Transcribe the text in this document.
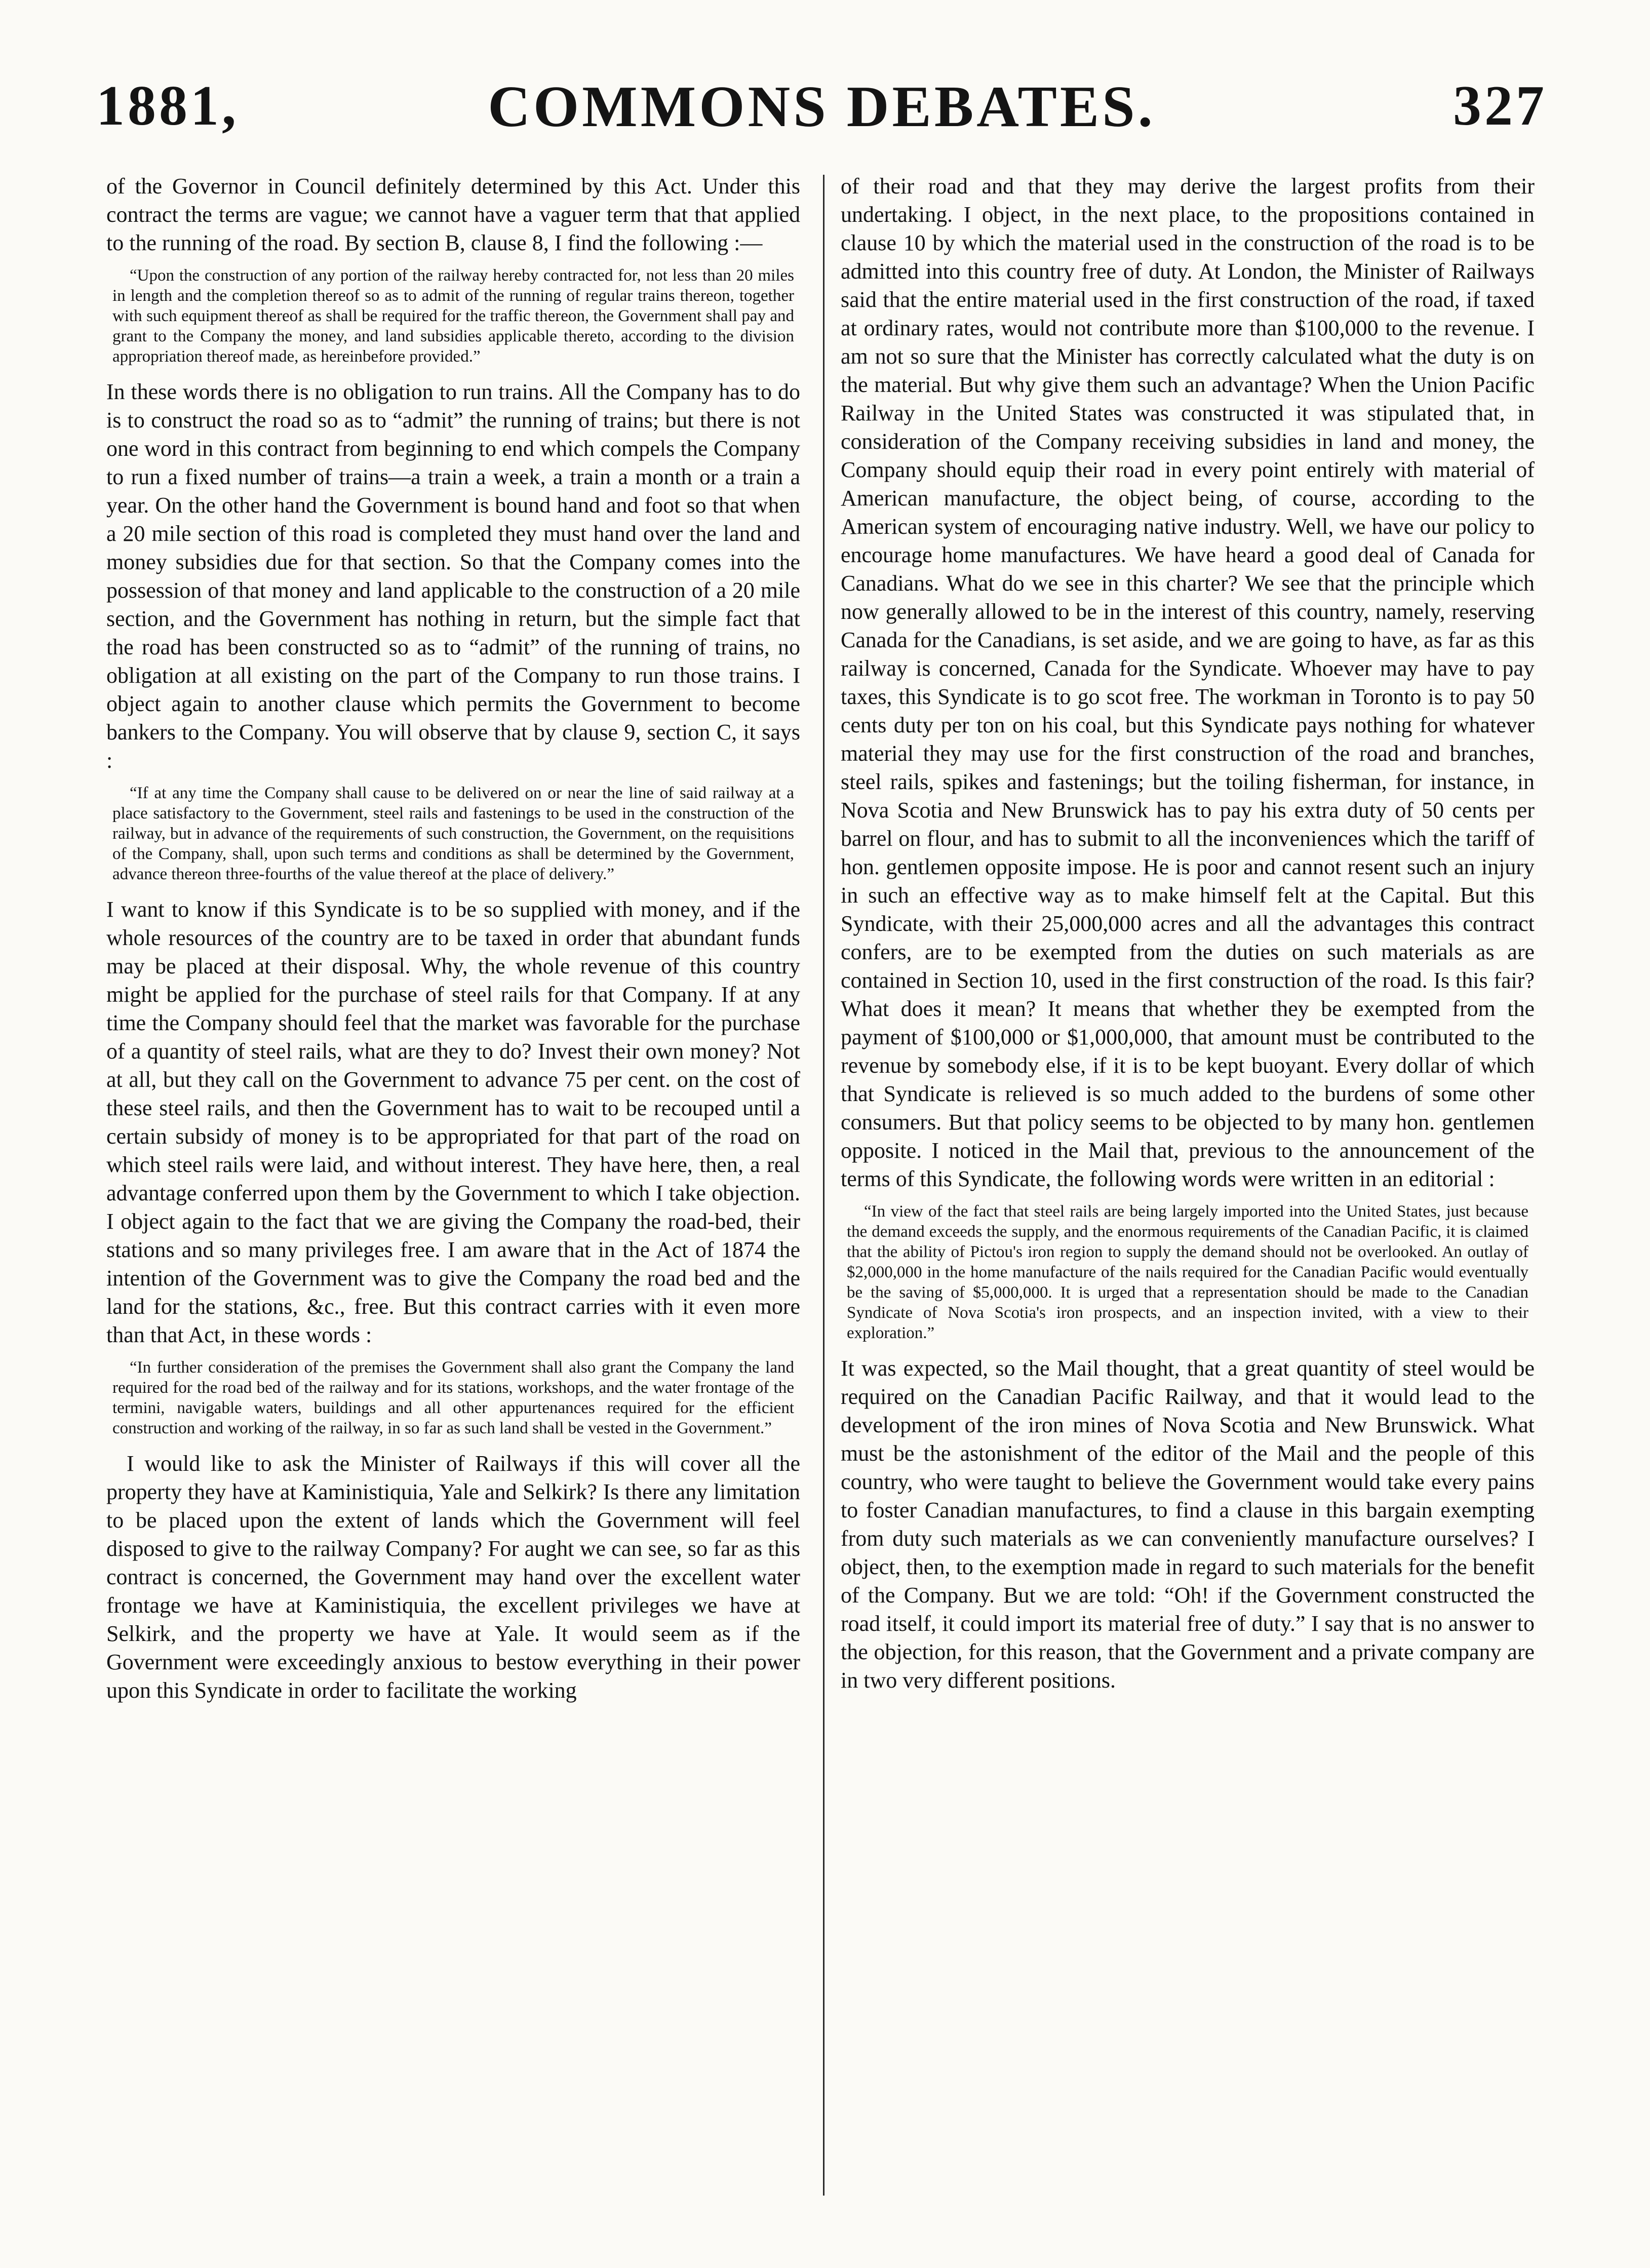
1881,	COMMONS DEBATES.	327

of the Governor in Council definitely determined by this Act. Under this contract the terms are vague; we cannot have a vaguer term that that applied to the running of the road. By section B, clause 8, I find the following :—

“Upon the construction of any portion of the railway hereby contracted for, not less than 20 miles in length and the completion thereof so as to admit of the running of regular trains thereon, together with such equipment thereof as shall be required for the traffic thereon, the Government shall pay and grant to the Company the money, and land subsidies applicable thereto, according to the division appropriation thereof made, as hereinbefore provided.”

In these words there is no obligation to run trains. All the Company has to do is to construct the road so as to “admit” the running of trains; but there is not one word in this contract from beginning to end which compels the Company to run a fixed number of trains—a train a week, a train a month or a train a year. On the other hand the Government is bound hand and foot so that when a 20 mile section of this road is completed they must hand over the land and money subsidies due for that section. So that the Company comes into the possession of that money and land applicable to the construction of a 20 mile section, and the Government has nothing in return, but the simple fact that the road has been constructed so as to “admit” of the running of trains, no obligation at all existing on the part of the Company to run those trains. I object again to another clause which permits the Government to become bankers to the Company. You will observe that by clause 9, section C, it says :

“If at any time the Company shall cause to be delivered on or near the line of said railway at a place satisfactory to the Government, steel rails and fastenings to be used in the construction of the railway, but in advance of the requirements of such construction, the Government, on the requisitions of the Company, shall, upon such terms and conditions as shall be determined by the Government, advance thereon three-fourths of the value thereof at the place of delivery.”

I want to know if this Syndicate is to be so supplied with money, and if the whole resources of the country are to be taxed in order that abundant funds may be placed at their disposal. Why, the whole revenue of this country might be applied for the purchase of steel rails for that Company. If at any time the Company should feel that the market was favorable for the purchase of a quantity of steel rails, what are they to do? Invest their own money? Not at all, but they call on the Government to advance 75 per cent. on the cost of these steel rails, and then the Government has to wait to be recouped until a certain subsidy of money is to be appropriated for that part of the road on which steel rails were laid, and without interest. They have here, then, a real advantage conferred upon them by the Government to which I take objection. I object again to the fact that we are giving the Company the road-bed, their stations and so many privileges free. I am aware that in the Act of 1874 the intention of the Government was to give the Company the road bed and the land for the stations, &c., free. But this contract carries with it even more than that Act, in these words :

“In further consideration of the premises the Government shall also grant the Company the land required for the road bed of the railway and for its stations, workshops, and the water frontage of the termini, navigable waters, buildings and all other appurtenances required for the efficient construction and working of the railway, in so far as such land shall be vested in the Government.”

I would like to ask the Minister of Railways if this will cover all the property they have at Kaministiquia, Yale and Selkirk? Is there any limitation to be placed upon the extent of lands which the Government will feel disposed to give to the railway Company? For aught we can see, so far as this contract is concerned, the Government may hand over the excellent water frontage we have at Kaministiquia, the excellent privileges we have at Selkirk, and the property we have at Yale. It would seem as if the Government were exceedingly anxious to bestow everything in their power upon this Syndicate in order to facilitate the working

of their road and that they may derive the largest profits from their undertaking. I object, in the next place, to the propositions contained in clause 10 by which the material used in the construction of the road is to be admitted into this country free of duty. At London, the Minister of Railways said that the entire material used in the first construction of the road, if taxed at ordinary rates, would not contribute more than $100,000 to the revenue. I am not so sure that the Minister has correctly calculated what the duty is on the material. But why give them such an advantage? When the Union Pacific Railway in the United States was constructed it was stipulated that, in consideration of the Company receiving subsidies in land and money, the Company should equip their road in every point entirely with material of American manufacture, the object being, of course, according to the American system of encouraging native industry. Well, we have our policy to encourage home manufactures. We have heard a good deal of Canada for Canadians. What do we see in this charter? We see that the principle which now generally allowed to be in the interest of this country, namely, reserving Canada for the Canadians, is set aside, and we are going to have, as far as this railway is concerned, Canada for the Syndicate. Whoever may have to pay taxes, this Syndicate is to go scot free. The workman in Toronto is to pay 50 cents duty per ton on his coal, but this Syndicate pays nothing for whatever material they may use for the first construction of the road and branches, steel rails, spikes and fastenings; but the toiling fisherman, for instance, in Nova Scotia and New Brunswick has to pay his extra duty of 50 cents per barrel on flour, and has to submit to all the inconveniences which the tariff of hon. gentlemen opposite impose. He is poor and cannot resent such an injury in such an effective way as to make himself felt at the Capital. But this Syndicate, with their 25,000,000 acres and all the advantages this contract confers, are to be exempted from the duties on such materials as are contained in Section 10, used in the first construction of the road. Is this fair? What does it mean? It means that whether they be exempted from the payment of $100,000 or $1,000,000, that amount must be contributed to the revenue by somebody else, if it is to be kept buoyant. Every dollar of which that Syndicate is relieved is so much added to the burdens of some other consumers. But that policy seems to be objected to by many hon. gentlemen opposite. I noticed in the Mail that, previous to the announcement of the terms of this Syndicate, the following words were written in an editorial :

“In view of the fact that steel rails are being largely imported into the United States, just because the demand exceeds the supply, and the enormous requirements of the Canadian Pacific, it is claimed that the ability of Pictou's iron region to supply the demand should not be overlooked. An outlay of $2,000,000 in the home manufacture of the nails required for the Canadian Pacific would eventually be the saving of $5,000,000. It is urged that a representation should be made to the Canadian Syndicate of Nova Scotia's iron prospects, and an inspection invited, with a view to their exploration.”

It was expected, so the Mail thought, that a great quantity of steel would be required on the Canadian Pacific Railway, and that it would lead to the development of the iron mines of Nova Scotia and New Brunswick. What must be the astonishment of the editor of the Mail and the people of this country, who were taught to believe the Government would take every pains to foster Canadian manufactures, to find a clause in this bargain exempting from duty such materials as we can conveniently manufacture ourselves? I object, then, to the exemption made in regard to such materials for the benefit of the Company. But we are told: “Oh! if the Government constructed the road itself, it could import its material free of duty.” I say that is no answer to the objection, for this reason, that the Government and a private company are in two very different positions.
